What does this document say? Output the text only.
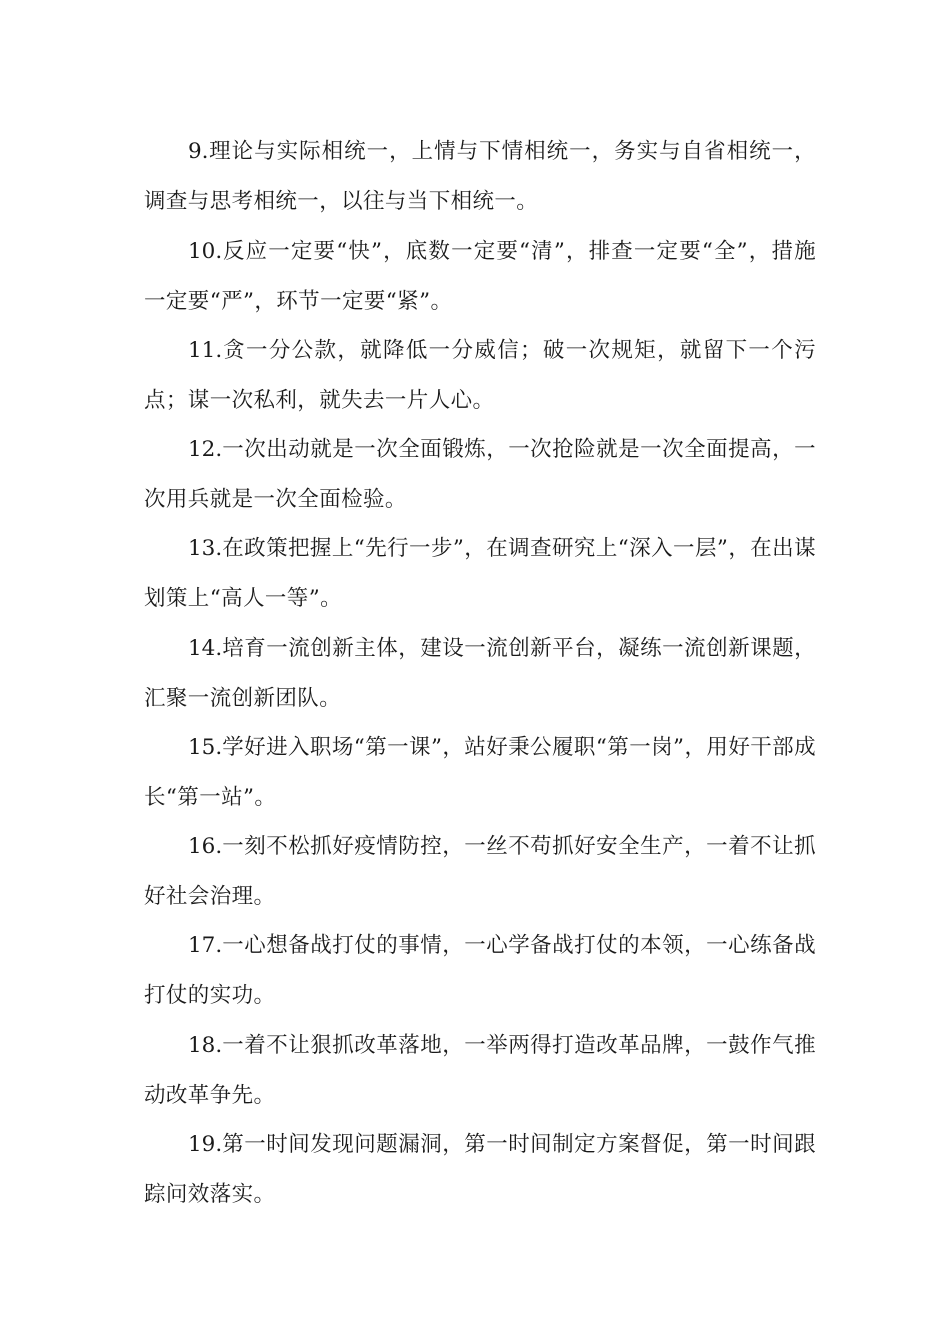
9.理论与实际相统一，上情与下情相统一，务实与自省相统一，调查与思考相统一，以往与当下相统一。

10.反应一定要“快”，底数一定要“清”，排查一定要“全”，措施一定要“严”，环节一定要“紧”。

11.贪一分公款，就降低一分威信；破一次规矩，就留下一个污点；谋一次私利，就失去一片人心。

12.一次出动就是一次全面锻炼，一次抢险就是一次全面提高，一次用兵就是一次全面检验。

13.在政策把握上“先行一步”，在调查研究上“深入一层”，在出谋划策上“高人一等”。

14.培育一流创新主体，建设一流创新平台，凝练一流创新课题，汇聚一流创新团队。

15.学好进入职场“第一课”，站好秉公履职“第一岗”，用好干部成长“第一站”。

16.一刻不松抓好疫情防控，一丝不苟抓好安全生产，一着不让抓好社会治理。

17.一心想备战打仗的事情，一心学备战打仗的本领，一心练备战打仗的实功。

18.一着不让狠抓改革落地，一举两得打造改革品牌，一鼓作气推动改革争先。

19.第一时间发现问题漏洞，第一时间制定方案督促，第一时间跟踪问效落实。
